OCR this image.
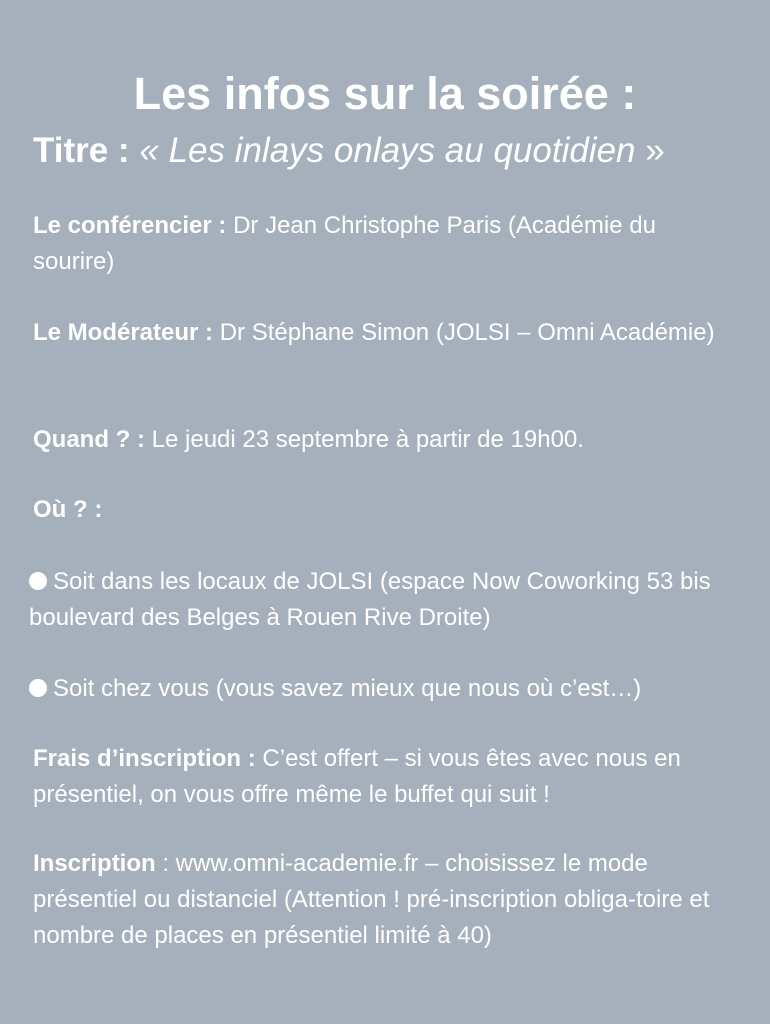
Les infos sur la soirée :

Titre : « Les inlays onlays au quotidien »

Le conférencier : Dr Jean Christophe Paris (Académie du sourire)

Le Modérateur : Dr Stéphane Simon (JOLSI – Omni Académie)

Quand ? : Le jeudi 23 septembre à partir de 19h00.

Où ? :

Soit dans les locaux de JOLSI (espace Now Coworking 53 bis boulevard des Belges à Rouen Rive Droite)

Soit chez vous (vous savez mieux que nous où c’est…)

Frais d’inscription : C’est offert – si vous êtes avec nous en présentiel, on vous offre même le buffet qui suit !

Inscription : www.omni-academie.fr – choisissez le mode présentiel ou distanciel (Attention ! pré-inscription obliga-toire et nombre de places en présentiel limité à 40)
